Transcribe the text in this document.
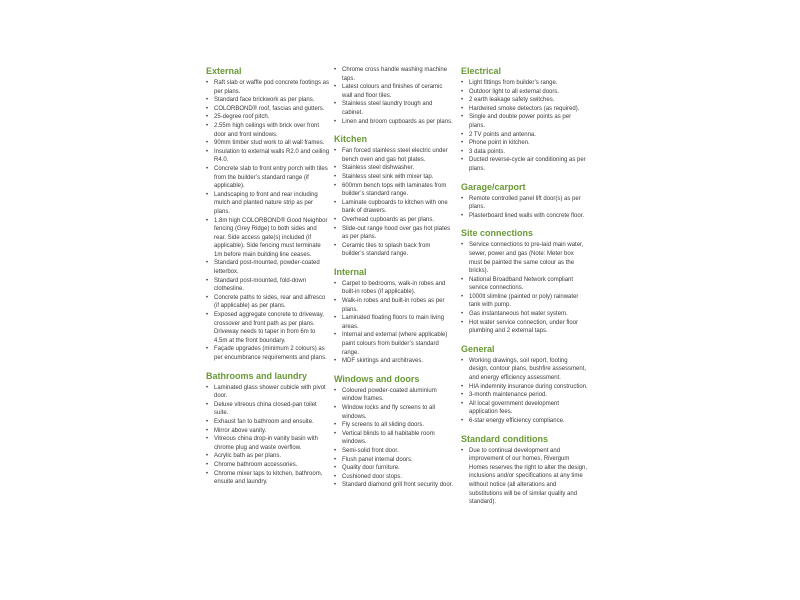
External
• Raft slab or waffle pod concrete footings as per plans.
• Standard face brickwork as per plans.
• COLORBOND® roof, fascias and gutters.
• 25-degree roof pitch.
• 2.55m high ceilings with brick over front door and front windows.
• 90mm timber stud work to all wall frames.
• Insulation to external walls R2.0 and ceiling R4.0.
• Concrete slab to front entry porch with tiles from the builder’s standard range (if applicable).
• Landscaping to front and rear including mulch and planted nature strip as per plans.
• 1.8m high COLORBOND® Good Neighbor fencing (Grey Ridge) to both sides and rear. Side access gate(s) included (if applicable). Side fencing must terminate 1m before main building line ceases.
• Standard post-mounted, powder-coated letterbox.
• Standard post-mounted, fold-down clothesline.
• Concrete paths to sides, rear and alfresco (if applicable) as per plans.
• Exposed aggregate concrete to driveway, crossover and front path as per plans. Driveway needs to taper in from 6m to 4.5m at the front boundary.
• Façade upgrades (minimum 2 colours) as per encumbrance requirements and plans.
Bathrooms and laundry
• Laminated glass shower cubicle with pivot door.
• Deluxe vitreous china closed-pan toilet suite.
• Exhaust fan to bathroom and ensuite.
• Mirror above vanity.
• Vitreous china drop-in vanity basin with chrome plug and waste overflow.
• Acrylic bath as per plans.
• Chrome bathroom accessories.
• Chrome mixer taps to kitchen, bathroom, ensuite and laundry.
• Chrome cross handle washing machine taps.
• Latest colours and finishes of ceramic wall and floor tiles.
• Stainless steel laundry trough and cabinet.
• Linen and broom cupboards as per plans.
Kitchen
• Fan forced stainless steel electric under bench oven and gas hot plates.
• Stainless steel dishwasher.
• Stainless steel sink with mixer tap.
• 600mm bench tops with laminates from builder’s standard range.
• Laminate cupboards to kitchen with one bank of drawers.
• Overhead cupboards as per plans.
• Slide-out range hood over gas hot plates as per plans.
• Ceramic tiles to splash back from builder’s standard range.
Internal
• Carpet to bedrooms, walk-in robes and built-in robes (if applicable).
• Walk-in robes and built-in robes as per plans.
• Laminated floating floors to main living areas.
• Internal and external (where applicable) paint colours from builder’s standard range.
• MDF skirtings and architraves.
Windows and doors
• Coloured powder-coated aluminium window frames.
• Window locks and fly screens to all windows.
• Fly screens to all sliding doors.
• Vertical blinds to all habitable room windows.
• Semi-solid front door.
• Flush panel internal doors.
• Quality door furniture.
• Cushioned door stops.
• Standard diamond grill front security door.
Electrical
• Light fittings from builder’s range.
• Outdoor light to all external doors.
• 2 earth leakage safety switches.
• Hardwired smoke detectors (as required).
• Single and double power points as per plans.
• 2 TV points and antenna.
• Phone point in kitchen.
• 3 data points.
• Ducted reverse-cycle air conditioning as per plans.
Garage/carport
• Remote controlled panel lift door(s) as per plans.
• Plasterboard lined walls with concrete floor.
Site connections
• Service connections to pre-laid main water, sewer, power and gas (Note: Meter box must be painted the same colour as the bricks).
• National Broadband Network compliant service connections.
• 1000lt slimline (painted or poly) rainwater tank with pump.
• Gas instantaneous hot water system.
• Hot water service connection, under floor plumbing and 2 external taps.
General
• Working drawings, soil report, footing design, contour plans, bushfire assessment, and energy efficiency assessment.
• HIA indemnity insurance during construction.
• 3-month maintenance period.
• All local government development application fees.
• 6-star energy efficiency compliance.
Standard conditions
• Due to continual development and improvement of our homes, Rivergum Homes reserves the right to alter the design, inclusions and/or specifications at any time without notice (all alterations and substitutions will be of similar quality and standard).
